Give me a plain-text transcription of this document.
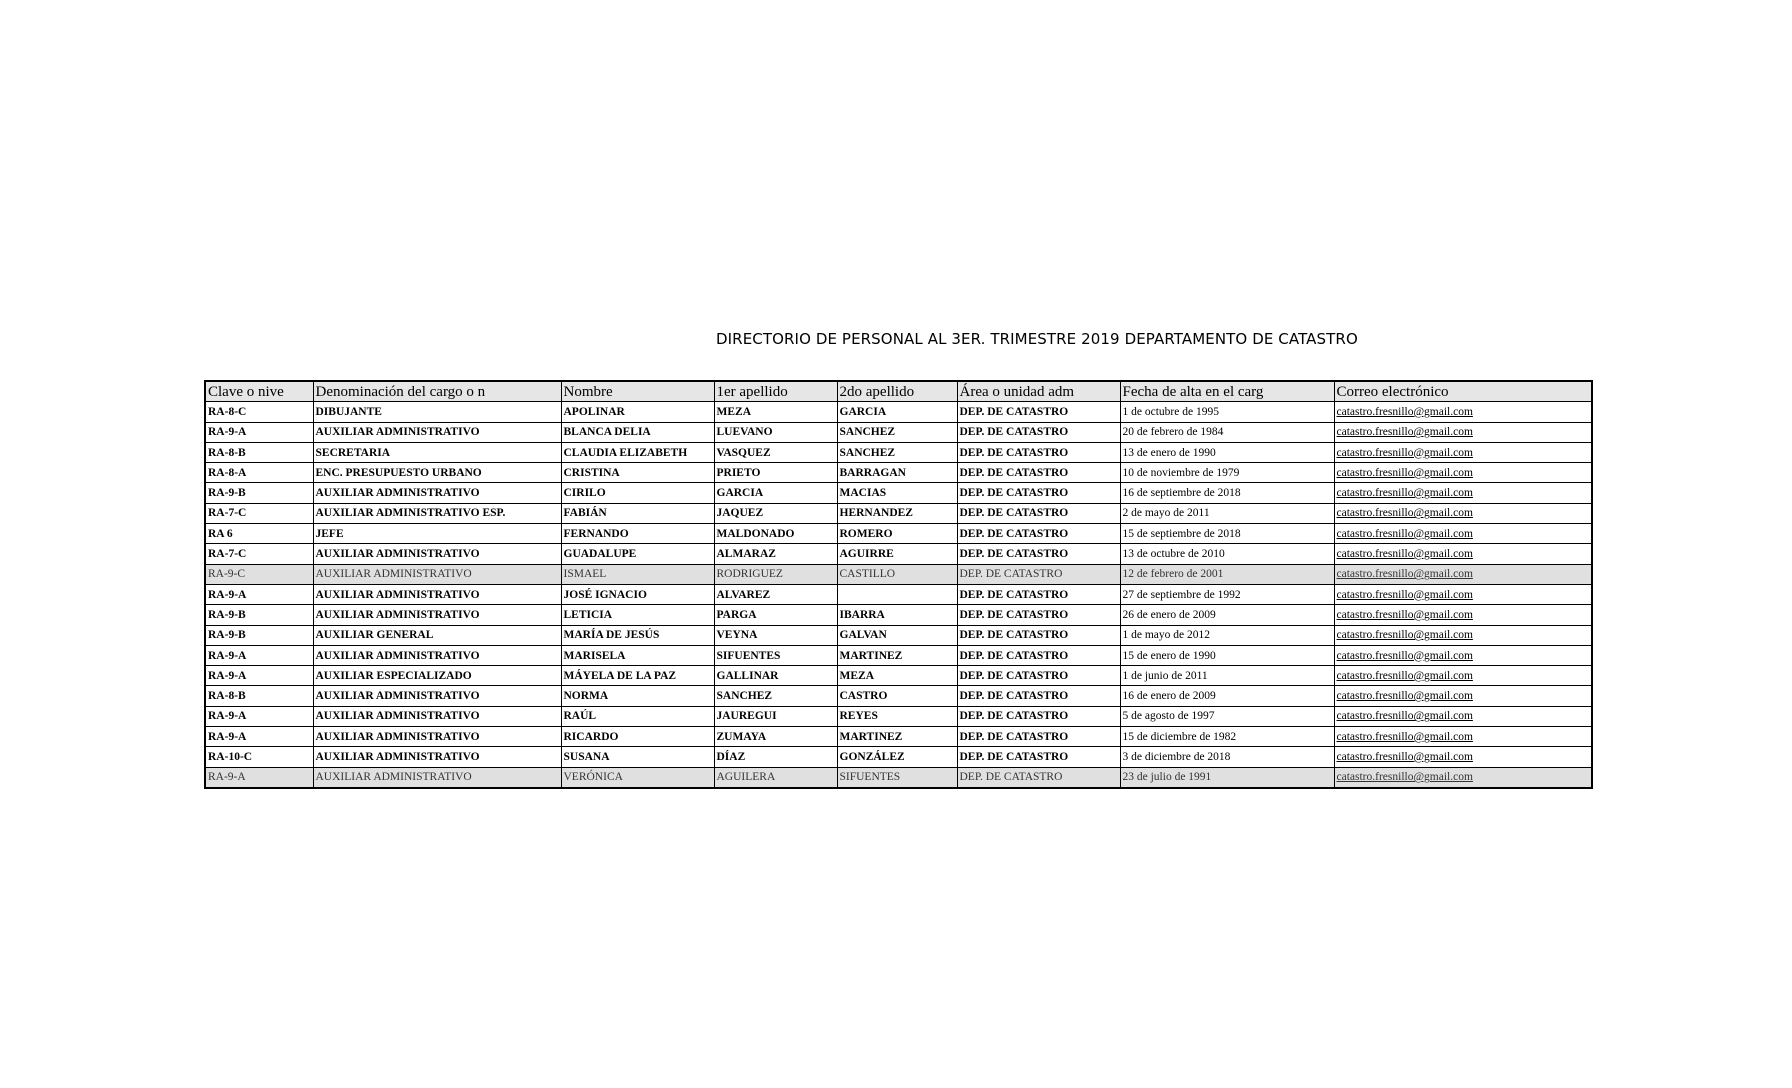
DIRECTORIO DE PERSONAL AL 3ER. TRIMESTRE 2019 DEPARTAMENTO DE CATASTRO
Clave o nive	Denominación del cargo o n	Nombre	1er apellido	2do apellido	Área o unidad adm	Fecha de alta en el carg	Correo electrónico
RA-8-C	DIBUJANTE	APOLINAR	MEZA	GARCIA	DEP. DE CATASTRO	1 de octubre de 1995	catastro.fresnillo@gmail.com
RA-9-A	AUXILIAR ADMINISTRATIVO	BLANCA DELIA	LUEVANO	SANCHEZ	DEP. DE CATASTRO	20 de febrero de 1984	catastro.fresnillo@gmail.com
RA-8-B	SECRETARIA	CLAUDIA ELIZABETH	VASQUEZ	SANCHEZ	DEP. DE CATASTRO	13 de enero de 1990	catastro.fresnillo@gmail.com
RA-8-A	ENC. PRESUPUESTO URBANO	CRISTINA	PRIETO	BARRAGAN	DEP. DE CATASTRO	10 de noviembre de 1979	catastro.fresnillo@gmail.com
RA-9-B	AUXILIAR ADMINISTRATIVO	CIRILO	GARCIA	MACIAS	DEP. DE CATASTRO	16 de septiembre de 2018	catastro.fresnillo@gmail.com
RA-7-C	AUXILIAR ADMINISTRATIVO ESP.	FABIÁN	JAQUEZ	HERNANDEZ	DEP. DE CATASTRO	2 de mayo de 2011	catastro.fresnillo@gmail.com
RA 6	JEFE	FERNANDO	MALDONADO	ROMERO	DEP. DE CATASTRO	15 de septiembre de 2018	catastro.fresnillo@gmail.com
RA-7-C	AUXILIAR ADMINISTRATIVO	GUADALUPE	ALMARAZ	AGUIRRE	DEP. DE CATASTRO	13 de octubre de 2010	catastro.fresnillo@gmail.com
RA-9-C	AUXILIAR ADMINISTRATIVO	ISMAEL	RODRIGUEZ	CASTILLO	DEP. DE CATASTRO	12 de febrero de 2001	catastro.fresnillo@gmail.com
RA-9-A	AUXILIAR ADMINISTRATIVO	JOSÉ IGNACIO	ALVAREZ		DEP. DE CATASTRO	27 de septiembre de 1992	catastro.fresnillo@gmail.com
RA-9-B	AUXILIAR ADMINISTRATIVO	LETICIA	PARGA	IBARRA	DEP. DE CATASTRO	26 de enero de 2009	catastro.fresnillo@gmail.com
RA-9-B	AUXILIAR GENERAL	MARÍA DE JESÚS	VEYNA	GALVAN	DEP. DE CATASTRO	1 de mayo de 2012	catastro.fresnillo@gmail.com
RA-9-A	AUXILIAR ADMINISTRATIVO	MARISELA	SIFUENTES	MARTINEZ	DEP. DE CATASTRO	15 de enero de 1990	catastro.fresnillo@gmail.com
RA-9-A	AUXILIAR ESPECIALIZADO	MÁYELA DE LA PAZ	GALLINAR	MEZA	DEP. DE CATASTRO	1 de junio de 2011	catastro.fresnillo@gmail.com
RA-8-B	AUXILIAR ADMINISTRATIVO	NORMA	SANCHEZ	CASTRO	DEP. DE CATASTRO	16 de enero de 2009	catastro.fresnillo@gmail.com
RA-9-A	AUXILIAR ADMINISTRATIVO	RAÚL	JAUREGUI	REYES	DEP. DE CATASTRO	5 de agosto de 1997	catastro.fresnillo@gmail.com
RA-9-A	AUXILIAR ADMINISTRATIVO	RICARDO	ZUMAYA	MARTINEZ	DEP. DE CATASTRO	15 de diciembre de 1982	catastro.fresnillo@gmail.com
RA-10-C	AUXILIAR ADMINISTRATIVO	SUSANA	DÍAZ	GONZÁLEZ	DEP. DE CATASTRO	3 de diciembre de 2018	catastro.fresnillo@gmail.com
RA-9-A	AUXILIAR ADMINISTRATIVO	VERÓNICA	AGUILERA	SIFUENTES	DEP. DE CATASTRO	23 de julio de 1991	catastro.fresnillo@gmail.com
